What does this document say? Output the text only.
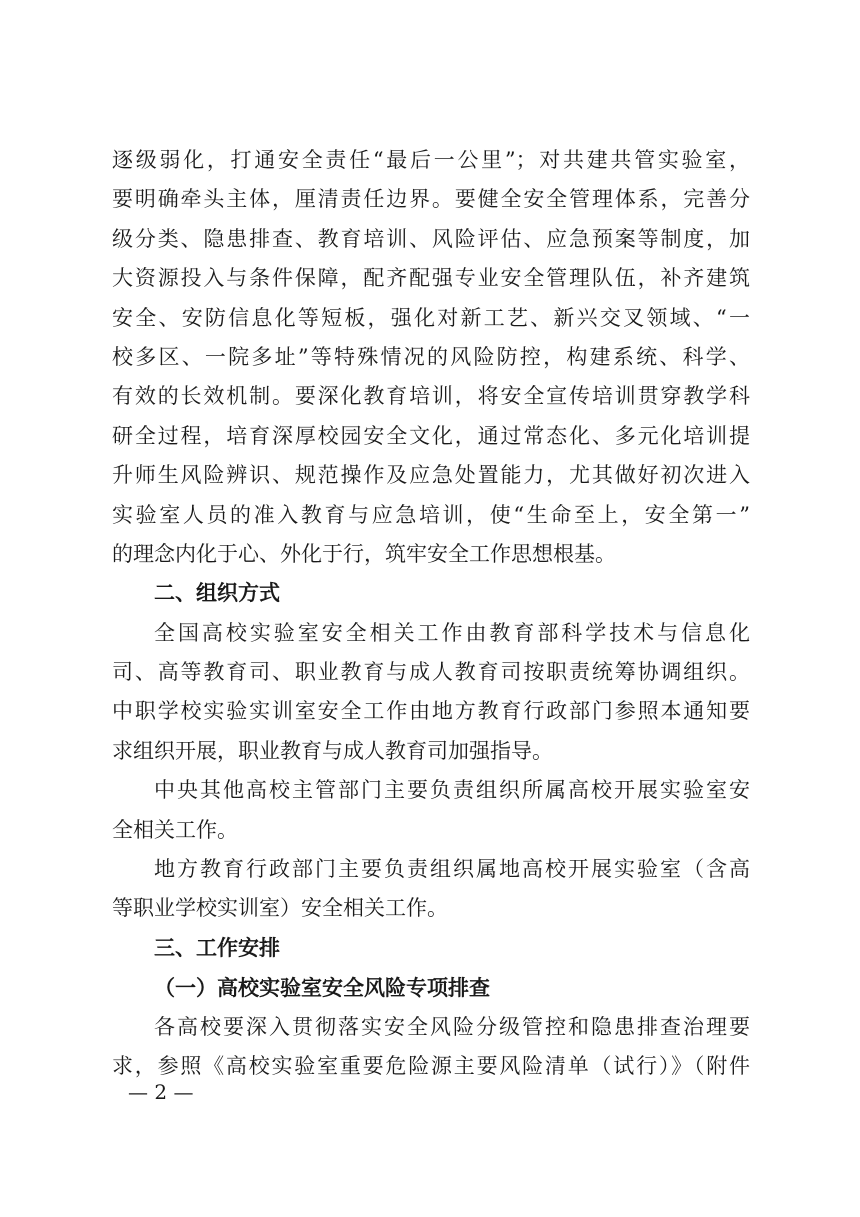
逐级弱化，打通安全责任“最后一公里”；对共建共管实验室，
要明确牵头主体，厘清责任边界。要健全安全管理体系，完善分
级分类、隐患排查、教育培训、风险评估、应急预案等制度，加
大资源投入与条件保障，配齐配强专业安全管理队伍，补齐建筑
安全、安防信息化等短板，强化对新工艺、新兴交叉领域、“一
校多区、一院多址”等特殊情况的风险防控，构建系统、科学、
有效的长效机制。要深化教育培训，将安全宣传培训贯穿教学科
研全过程，培育深厚校园安全文化，通过常态化、多元化培训提
升师生风险辨识、规范操作及应急处置能力，尤其做好初次进入
实验室人员的准入教育与应急培训，使“生命至上，安全第一”
的理念内化于心、外化于行，筑牢安全工作思想根基。
二、组织方式
全国高校实验室安全相关工作由教育部科学技术与信息化
司、高等教育司、职业教育与成人教育司按职责统筹协调组织。
中职学校实验实训室安全工作由地方教育行政部门参照本通知要
求组织开展，职业教育与成人教育司加强指导。
中央其他高校主管部门主要负责组织所属高校开展实验室安
全相关工作。
地方教育行政部门主要负责组织属地高校开展实验室（含高
等职业学校实训室）安全相关工作。
三、工作安排
（一）高校实验室安全风险专项排查
各高校要深入贯彻落实安全风险分级管控和隐患排查治理要
求，参照《高校实验室重要危险源主要风险清单（试行）》（附件
— 2 —
